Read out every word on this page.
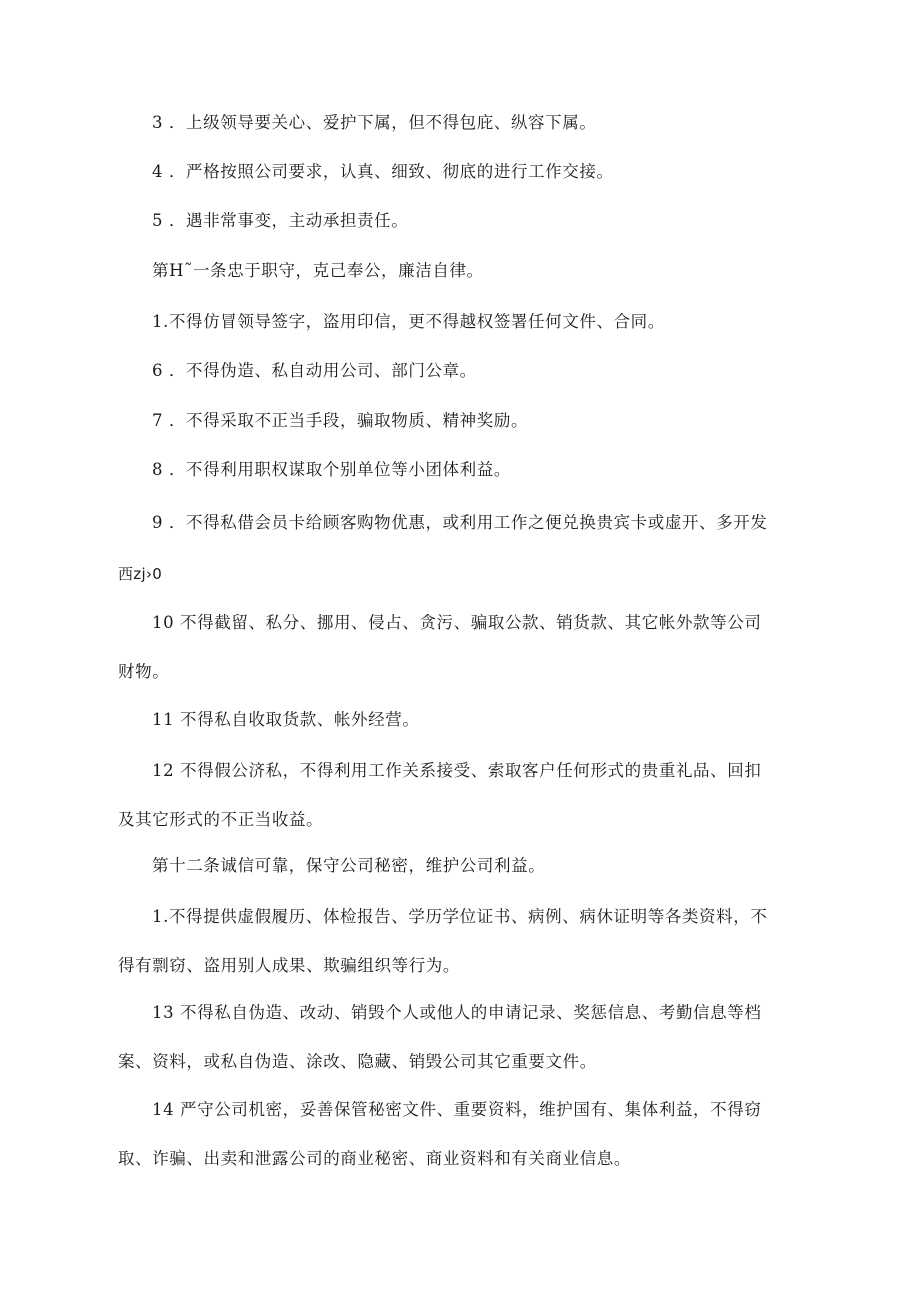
3 ．上级领导要关心、爱护下属，但不得包庇、纵容下属。

4 ．严格按照公司要求，认真、细致、彻底的进行工作交接。

5 ．遇非常事变，主动承担责任。

第H˜一条忠于职守，克己奉公，廉洁自律。

1.不得仿冒领导签字，盗用印信，更不得越权签署任何文件、合同。

6 ．不得伪造、私自动用公司、部门公章。

7 ．不得采取不正当手段，骗取物质、精神奖励。

8 ．不得利用职权谋取个别单位等小团体利益。

9 ．不得私借会员卡给顾客购物优惠，或利用工作之便兑换贵宾卡或虚开、多开发

西zj›0

10 不得截留、私分、挪用、侵占、贪污、骗取公款、销货款、其它帐外款等公司财物。

11 不得私自收取货款、帐外经营。

12 不得假公济私，不得利用工作关系接受、索取客户任何形式的贵重礼品、回扣及其它形式的不正当收益。

第十二条诚信可靠，保守公司秘密，维护公司利益。

1.不得提供虚假履历、体检报告、学历学位证书、病例、病休证明等各类资料，不得有剽窃、盗用别人成果、欺骗组织等行为。

13 不得私自伪造、改动、销毁个人或他人的申请记录、奖惩信息、考勤信息等档案、资料，或私自伪造、涂改、隐藏、销毁公司其它重要文件。

14 严守公司机密，妥善保管秘密文件、重要资料，维护国有、集体利益，不得窃取、诈骗、出卖和泄露公司的商业秘密、商业资料和有关商业信息。
